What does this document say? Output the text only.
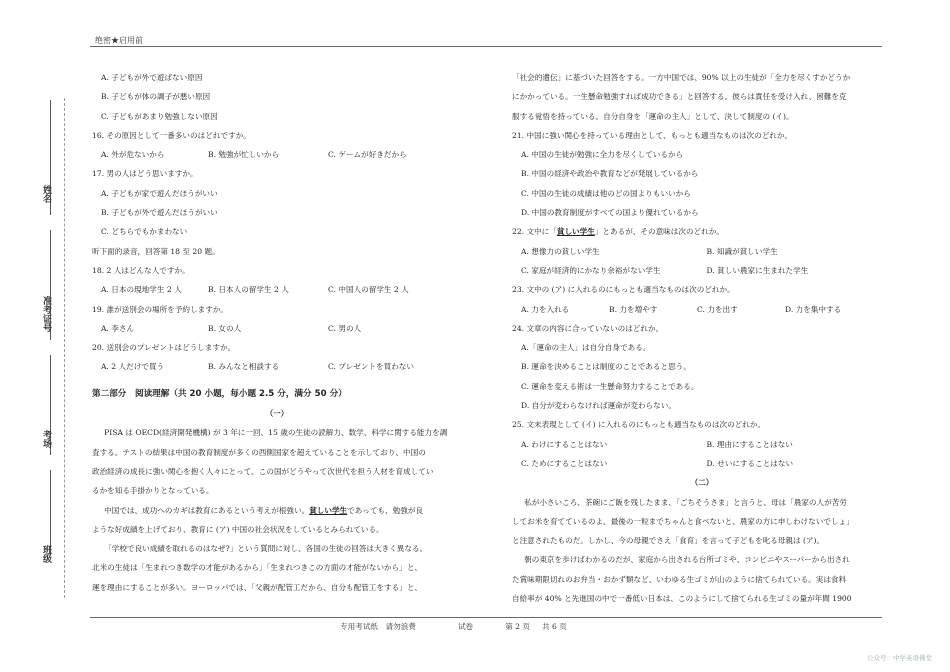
绝密★启用前
姓名
准考证号
考场
班级

A. 子どもが外で遊ばない原因

B. 子どもが体の調子が悪い原因

C. 子どもがあまり勉強しない原因

16. その原因として一番多いのはどれですか。

A. 外が危ないから	B. 勉強が忙しいから	C. ゲームが好きだから

17. 男の人はどう思いますか。

A. 子どもが家で遊んだほうがいい

B. 子どもが外で遊んだほうがいい

C. どちらでもかまわない

听下面的录音，回答第 18 至 20 题。

18. 2 人はどんな人ですか。

A. 日本の現地学生 2 人	B. 日本人の留学生 2 人	C. 中国人の留学生 2 人

19. 誰が送別会の場所を予約しますか。

A. 李さん	B. 女の人	C. 男の人

20. 送別会のプレゼントはどうしますか。

A. 2 人だけで買う	B. みんなと相談する	C. プレゼントを買わない

第二部分　阅读理解（共 20 小题，每小题 2.5 分，满分 50 分）

（一）

PISA は OECD(経済開発機構) が 3 年に一回、15 歳の生徒の読解力、数学、科学に関する能力を調

査する。テストの結果は中国の教育制度が多くの西側国家を超えていることを示しており、中国の

政治経済の成長に強い関心を抱く人々にとって、この国がどうやって次世代を担う人材を育成してい

るかを知る手掛かりとなっている。

中国では、成功へのカギは教育にあるという考えが根強い。貧しい学生であっても、勉強が良

ような好成績を上げており、教育に (ア) 中国の社会状況をしているとみられている。

「学校で良い成績を取れるのはなぜ?」という質問に対し、各国の生徒の回答は大きく異なる。

北米の生徒は「生まれつき数学の才能があるから」「生まれつきこの方面の才能がないから」と、

運を理由にすることが多い。ヨーロッパでは、「父親が配管工だから、自分も配管工をする」と、

「社会的遺伝」に基づいた回答をする。一方中国では、90% 以上の生徒が「全力を尽くすかどうか

にかかっている。一生懸命勉強すれば成功できる」と回答する。彼らは責任を受け入れ、困難を克

服する覚悟を持っている。自分自身を「運命の主人」として、決して制度の (イ)。

21. 中国に強い関心を持っている理由として、もっとも適当なものは次のどれか。

A. 中国の生徒が勉強に全力を尽くしているから

B. 中国の経済や政治や教育などが発展しているから

C. 中国の生徒の成績は他のどの国よりもいいから

D. 中国の教育制度がすべての国より優れているから

22. 文中に「貧しい学生」とあるが、その意味は次のどれか。

A. 想像力の貧しい学生	B. 知識が貧しい学生

C. 家庭が経済的にかなり余裕がない学生	D. 貧しい農家に生まれた学生

23. 文中の (ア) に入れるのにもっとも適当なものは次のどれか。

A. 力を入れる	B. 力を増やす	C. 力を出す	D. 力を集中する

24. 文章の内容に合っていないのはどれか。

A.「運命の主人」は自分自身である。

B. 運命を決めることは制度のことであると思う。

C. 運命を変える術は一生懸命努力することである。

D. 自分が変わらなければ運命が変わらない。

25. 文末表現として (イ) に入れるのにもっとも適当なものは次のどれか。

A. わけにすることはない	B. 理由にすることはない

C. ためにすることはない	D. せいにすることはない

（二）

私が小さいころ、茶碗にご飯を残したまま、「ごちそうさま」と言うと、母は「農家の人が苦労

してお米を育てているのよ、最後の一粒までちゃんと食べないと、農家の方に申しわけないでしょ」

と注意されたものだ。しかし、今の母親でさえ「食育」を言って子どもを叱る母親は (ア)。

朝の東京を歩けばわかるのだが、家庭から出される台所ゴミや、コンビニやスーパーから出され

た賞味期限切れのお弁当・おかず類など、いわゆる生ゴミが山のように捨てられている。実は食料

自給率が 40% と先進国の中で一番低い日本は、このようにして捨てられる生ゴミの量が年間 1900

专用考试纸　请勿浪费	试卷	第 2 页 共 6 页
公众号：中学英语佛堂
